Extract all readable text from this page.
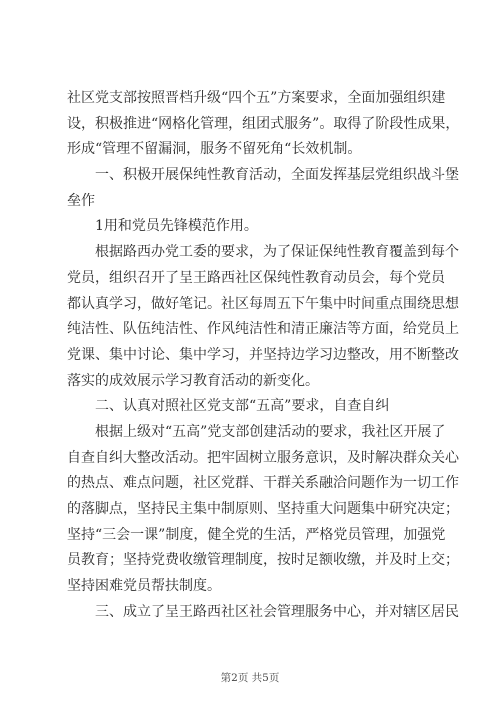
社区党支部按照晋档升级“四个五”方案要求，全面加强组织建
设，积极推进“网格化管理，组团式服务”。取得了阶段性成果，
形成“管理不留漏洞，服务不留死角“长效机制。
　　一、积极开展保纯性教育活动，全面发挥基层党组织战斗堡
垒作
　　1用和党员先锋模范作用。
　　根据路西办党工委的要求，为了保证保纯性教育覆盖到每个
党员，组织召开了呈王路西社区保纯性教育动员会，每个党员
都认真学习，做好笔记。社区每周五下午集中时间重点围绕思想
纯洁性、队伍纯洁性、作风纯洁性和清正廉洁等方面，给党员上
党课、集中讨论、集中学习，并坚持边学习边整改，用不断整改
落实的成效展示学习教育活动的新变化。
　　二、认真对照社区党支部“五高”要求，自查自纠
　　根据上级对“五高”党支部创建活动的要求，我社区开展了
自查自纠大整改活动。把牢固树立服务意识，及时解决群众关心
的热点、难点问题，社区党群、干群关系融洽问题作为一切工作
的落脚点，坚持民主集中制原则、坚持重大问题集中研究决定；
坚持“三会一课”制度，健全党的生活，严格党员管理，加强党
员教育；坚持党费收缴管理制度，按时足额收缴，并及时上交；
坚持困难党员帮扶制度。
　　三、成立了呈王路西社区社会管理服务中心，并对辖区居民
第2页 共5页
